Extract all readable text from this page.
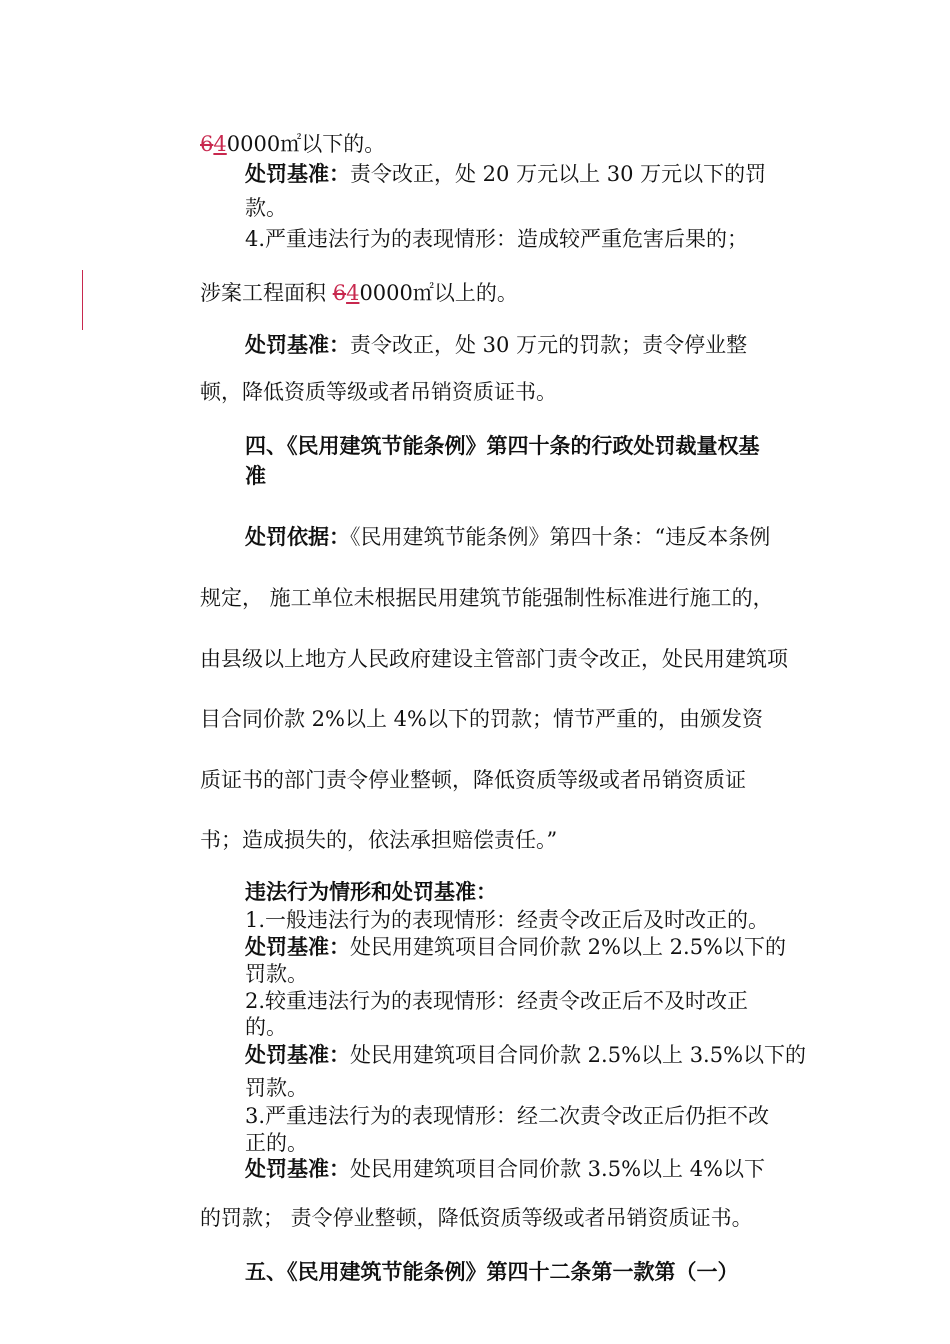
640000㎡以下的。
处罚基准：责令改正，处 20 万元以上 30 万元以下的罚
款。
4.严重违法行为的表现情形：造成较严重危害后果的；
涉案工程面积 640000㎡以上的。
处罚基准：责令改正，处 30 万元的罚款；责令停业整
顿，降低资质等级或者吊销资质证书。
四、《民用建筑节能条例》第四十条的行政处罚裁量权基
准
处罚依据：《民用建筑节能条例》第四十条：“违反本条例
规定， 施工单位未根据民用建筑节能强制性标准进行施工的，
由县级以上地方人民政府建设主管部门责令改正，处民用建筑项
目合同价款 2%以上 4%以下的罚款；情节严重的，由颁发资
质证书的部门责令停业整顿，降低资质等级或者吊销资质证
书；造成损失的，依法承担赔偿责任。”
违法行为情形和处罚基准：
1.一般违法行为的表现情形：经责令改正后及时改正的。
处罚基准：处民用建筑项目合同价款 2%以上 2.5%以下的
罚款。
2.较重违法行为的表现情形：经责令改正后不及时改正
的。
处罚基准：处民用建筑项目合同价款 2.5%以上 3.5%以下的
罚款。
3.严重违法行为的表现情形：经二次责令改正后仍拒不改
正的。
处罚基准：处民用建筑项目合同价款 3.5%以上 4%以下
的罚款； 责令停业整顿，降低资质等级或者吊销资质证书。
五、《民用建筑节能条例》第四十二条第一款第（一）
